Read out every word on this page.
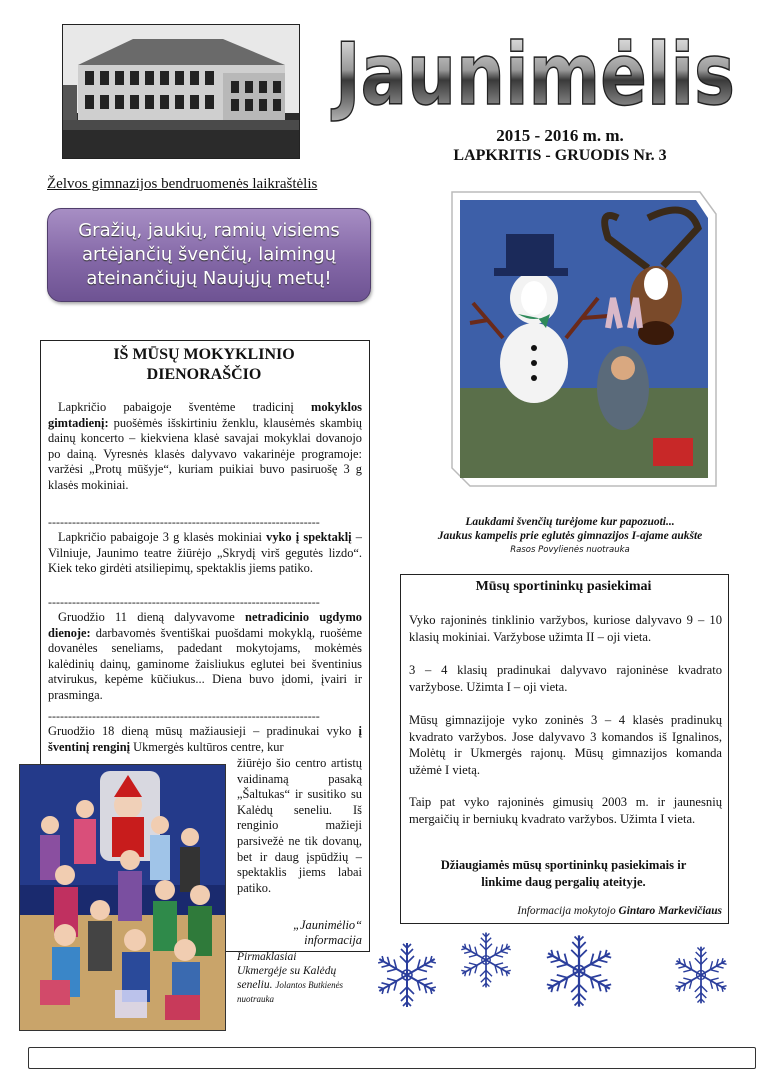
Jaunimėlis
2015 - 2016 m. m.
LAPKRITIS - GRUODIS Nr. 3
Želvos gimnazijos bendruomenės laikraštėlis
Gražių, jaukių, ramių visiems
artėjančių švenčių, laimingų
ateinančiųjų Naujųjų metų!
IŠ MŪSŲ MOKYKLINIO
DIENORAŠČIO
Lapkričio pabaigoje šventėme tradicinį mokyklos gimtadienį: puošėmės išskirtiniu ženklu, klausėmės skambių dainų koncerto – kiekviena klasė savajai mokyklai dovanojo po dainą. Vyresnės klasės dalyvavo vakarinėje programoje: varžėsi „Protų mūšyje“, kuriam puikiai buvo pasiruošę 3 g klasės mokiniai.
--------------------------------------------------------------------
Lapkričio pabaigoje 3 g klasės mokiniai vyko į spektaklį – Vilniuje, Jaunimo teatre žiūrėjo „Skrydį virš gegutės lizdo“. Kiek teko girdėti atsiliepimų, spektaklis jiems patiko.
--------------------------------------------------------------------
Gruodžio 11 dieną dalyvavome netradicinio ugdymo dienoje: darbavomės šventiškai puošdami mokyklą, ruošėme dovanėles seneliams, padedant mokytojams, mokėmės kalėdinių dainų, gaminome žaisliukus eglutei bei šventinius atvirukus, kepėme kūčiukus... Diena buvo įdomi, įvairi ir prasminga.
--------------------------------------------------------------------
Gruodžio 18 dieną mūsų mažiausieji – pradinukai vyko į šventinį renginį Ukmergės kultūros centre, kur
žiūrėjo šio centro artistų vaidinamą pasaką „Šaltukas“ ir susitiko su Kalėdų seneliu. Iš renginio mažieji parsivežė ne tik dovanų, bet ir daug įspūdžių – spektaklis jiems labai patiko.
„Jaunimėlio“
informacija
Pirmaklasiai
Ukmergėje su Kalėdų
seneliu. Jolantos Butkienės
nuotrauka
Laukdami švenčių turėjome kur papozuoti...
Jaukus kampelis prie eglutės gimnazijos I-ajame aukšte
Rasos Povylienės nuotrauka
Mūsų sportininkų pasiekimai
Vyko rajoninės tinklinio varžybos, kuriose dalyvavo 9 – 10 klasių mokiniai. Varžybose užimta II – oji vieta.
3 – 4 klasių pradinukai dalyvavo rajoninėse kvadrato varžybose. Užimta I – oji vieta.
Mūsų gimnazijoje vyko zoninės 3 – 4 klasės pradinukų kvadrato varžybos. Jose dalyvavo 3 komandos iš Ignalinos, Molėtų ir Ukmergės rajonų. Mūsų gimnazijos komanda užėmė I vietą.
Taip pat vyko rajoninės gimusių 2003 m. ir jaunesnių mergaičių ir berniukų kvadrato varžybos. Užimta I vieta.
Džiaugiamės mūsų sportininkų pasiekimais ir
linkime daug pergalių ateityje.
Informacija mokytojo Gintaro Markevičiaus
